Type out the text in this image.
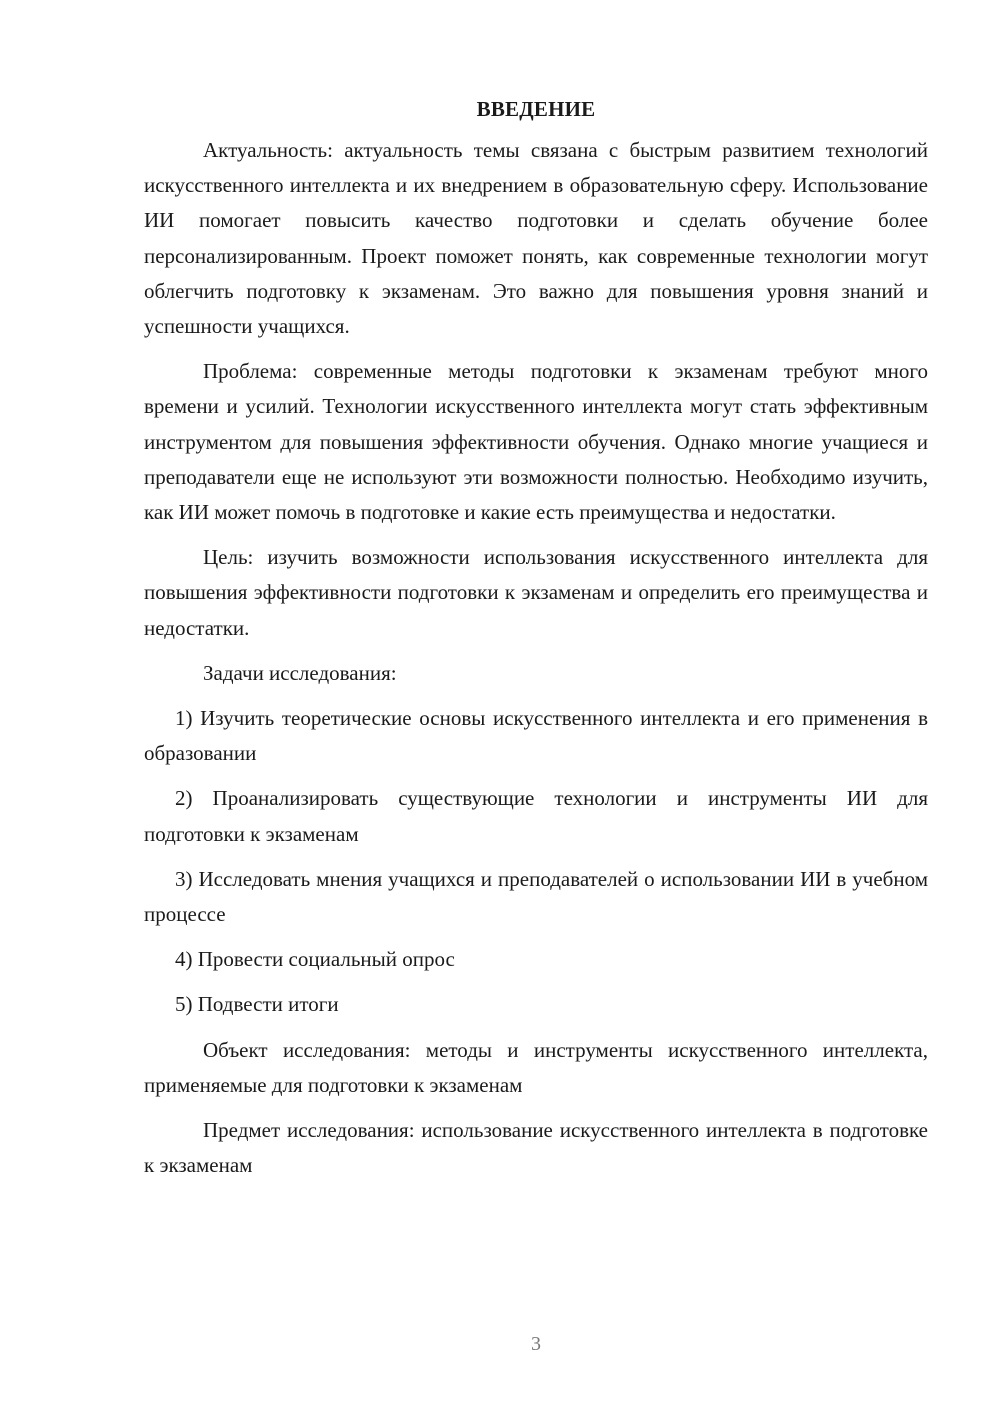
ВВЕДЕНИЕ

Актуальность: актуальность темы связана с быстрым развитием технологий искусственного интеллекта и их внедрением в образовательную сферу. Использование ИИ помогает повысить качество подготовки и сделать обучение более персонализированным. Проект поможет понять, как современные технологии могут облегчить подготовку к экзаменам. Это важно для повышения уровня знаний и успешности учащихся.

Проблема: современные методы подготовки к экзаменам требуют много времени и усилий. Технологии искусственного интеллекта могут стать эффективным инструментом для повышения эффективности обучения. Однако многие учащиеся и преподаватели еще не используют эти возможности полностью. Необходимо изучить, как ИИ может помочь в подготовке и какие есть преимущества и недостатки.

Цель: изучить возможности использования искусственного интеллекта для повышения эффективности подготовки к экзаменам и определить его преимущества и недостатки.

Задачи исследования:

1) Изучить теоретические основы искусственного интеллекта и его применения в образовании

2) Проанализировать существующие технологии и инструменты ИИ для подготовки к экзаменам

3) Исследовать мнения учащихся и преподавателей о использовании ИИ в учебном процессе

4) Провести социальный опрос

5) Подвести итоги

Объект исследования: методы и инструменты искусственного интеллекта, применяемые для подготовки к экзаменам

Предмет исследования: использование искусственного интеллекта в подготовке к экзаменам

3
